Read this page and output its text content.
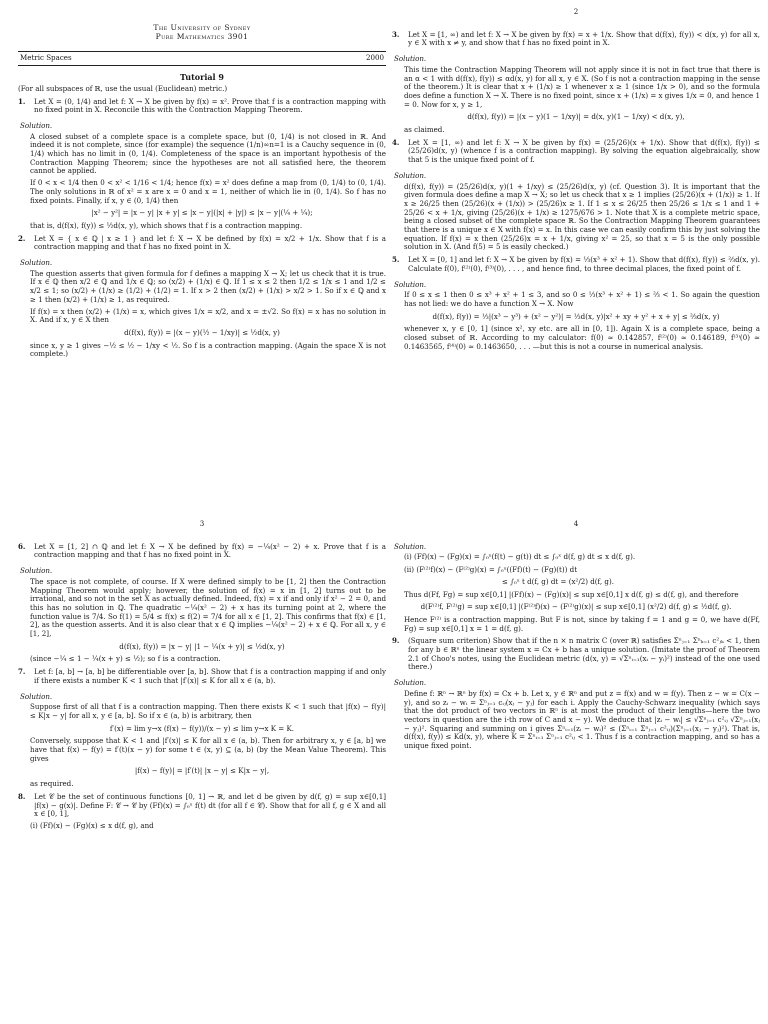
The University of Sydney
Pure Mathematics 3901
Metric Spaces	2000
Tutorial 9
(For all subspaces of ℝ, use the usual (Euclidean) metric.)
1.	Let X = (0, 1/4) and let f: X → X be given by f(x) = x². Prove that f is a contraction mapping with no fixed point in X. Reconcile this with the Contraction Mapping Theorem.
Solution.
A closed subset of a complete space is a complete space, but (0, 1/4) is not closed in ℝ. And indeed it is not complete, since (for example) the sequence (1/n)∞n=1 is a Cauchy sequence in (0, 1/4) which has no limit in (0, 1/4). Completeness of the space is an important hypothesis of the Contraction Mapping Theorem; since the hypotheses are not all satisfied here, the theorem cannot be applied.
If 0 < x < 1/4 then 0 < x² < 1/16 < 1/4; hence f(x) = x² does define a map from (0, 1/4) to (0, 1/4). The only solutions in ℝ of x² = x are x = 0 and x = 1, neither of which lie in (0, 1/4). So f has no fixed points. Finally, if x, y ∈ (0, 1/4) then
|x² − y²| = |x − y| |x + y| ≤ |x − y|(|x| + |y|) ≤ |x − y|(¼ + ¼);
that is, d(f(x), f(y)) ≤ ½d(x, y), which shows that f is a contraction mapping.
2.	Let X = { x ∈ ℚ | x ≥ 1 } and let f: X → X be defined by f(x) = x/2 + 1/x. Show that f is a contraction mapping and that f has no fixed point in X.
Solution.
The question asserts that given formula for f defines a mapping X → X; let us check that it is true. If x ∈ ℚ then x/2 ∈ ℚ and 1/x ∈ ℚ; so (x/2) + (1/x) ∈ ℚ. If 1 ≤ x ≤ 2 then 1/2 ≤ 1/x ≤ 1 and 1/2 ≤ x/2 ≤ 1; so (x/2) + (1/x) ≥ (1/2) + (1/2) = 1. If x > 2 then (x/2) + (1/x) > x/2 > 1. So if x ∈ ℚ and x ≥ 1 then (x/2) + (1/x) ≥ 1, as required.
If f(x) = x then (x/2) + (1/x) = x, which gives 1/x = x/2, and x = ±√2. So f(x) = x has no solution in X. And if x, y ∈ X then
d(f(x), f(y)) = |(x − y)(½ − 1/xy)| ≤ ½d(x, y)
since x, y ≥ 1 gives −½ ≤ ½ − 1/xy < ½. So f is a contraction mapping. (Again the space X is not complete.)
2
3.	Let X = [1, ∞) and let f: X → X be given by f(x) = x + 1/x. Show that d(f(x), f(y)) < d(x, y) for all x, y ∈ X with x ≠ y, and show that f has no fixed point in X.
Solution.
This time the Contraction Mapping Theorem will not apply since it is not in fact true that there is an α < 1 with d(f(x), f(y)) ≤ αd(x, y) for all x, y ∈ X. (So f is not a contraction mapping in the sense of the theorem.) It is clear that x + (1/x) ≥ 1 whenever x ≥ 1 (since 1/x > 0), and so the formula does define a function X → X. There is no fixed point, since x + (1/x) = x gives 1/x = 0, and hence 1 = 0. Now for x, y ≥ 1,
d(f(x), f(y)) = |(x − y)(1 − 1/xy)| = d(x, y)(1 − 1/xy) < d(x, y),
as claimed.
4.	Let X = [1, ∞) and let f: X → X be given by f(x) = (25/26)(x + 1/x). Show that d(f(x), f(y)) ≤ (25/26)d(x, y) (whence f is a contraction mapping). By solving the equation algebraically, show that 5 is the unique fixed point of f.
Solution.
d(f(x), f(y)) = (25/26)d(x, y)(1 + 1/xy) ≤ (25/26)d(x, y) (cf. Question 3). It is important that the given formula does define a map X → X; so let us check that x ≥ 1 implies (25/26)(x + (1/x)) ≥ 1. If x ≥ 26/25 then (25/26)(x + (1/x)) > (25/26)x ≥ 1. If 1 ≤ x ≤ 26/25 then 25/26 ≤ 1/x ≤ 1 and 1 + 25/26 < x + 1/x, giving (25/26)(x + 1/x) ≥ 1275/676 > 1. Note that X is a complete metric space, being a closed subset of the complete space ℝ. So the Contraction Mapping Theorem guarantees that there is a unique x ∈ X with f(x) = x. In this case we can easily confirm this by just solving the equation. If f(x) = x then (25/26)x = x + 1/x, giving x² = 25, so that x = 5 is the only possible solution in X. (And f(5) = 5 is easily checked.)
5.	Let X = [0, 1] and let f: X → X be given by f(x) = ⅓(x³ + x² + 1). Show that d(f(x), f(y)) ≤ ⅔d(x, y). Calculate f(0), f⁽²⁾(0), f⁽³⁾(0), . . . , and hence find, to three decimal places, the fixed point of f.
Solution.
If 0 ≤ x ≤ 1 then 0 ≤ x³ + x² + 1 ≤ 3, and so 0 ≤ ⅓(x³ + x² + 1) ≤ ⅔ < 1. So again the question has not lied: we do have a function X → X. Now
d(f(x), f(y)) = ⅓|(x³ − y³) + (x² − y²)| = ⅓d(x, y)|x² + xy + y² + x + y| ≤ ⅔d(x, y)
whenever x, y ∈ [0, 1] (since x², xy etc. are all in [0, 1]). Again X is a complete space, being a closed subset of ℝ. According to my calculator: f(0) ≈ 0.142857, f⁽²⁾(0) ≈ 0.146189, f⁽³⁾(0) ≈ 0.1463565, f⁽⁴⁾(0) ≈ 0.1463650, . . . —but this is not a course in numerical analysis.
3
6.	Let X = [1, 2] ∩ ℚ and let f: X → X be defined by f(x) = −¼(x² − 2) + x. Prove that f is a contraction mapping and that f has no fixed point in X.
Solution.
The space is not complete, of course. If X were defined simply to be [1, 2] then the Contraction Mapping Theorem would apply; however, the solution of f(x) = x in [1, 2] turns out to be irrational, and so not in the set X as actually defined. Indeed, f(x) = x if and only if x² − 2 = 0, and this has no solution in ℚ. The quadratic −¼(x² − 2) + x has its turning point at 2, where the function value is 7/4. So f(1) = 5/4 ≤ f(x) ≤ f(2) = 7/4 for all x ∈ [1, 2]. This confirms that f(x) ∈ [1, 2], as the question asserts. And it is also clear that x ∈ ℚ implies −¼(x² − 2) + x ∈ ℚ. For all x, y ∈ [1, 2],
d(f(x), f(y)) = |x − y| |1 − ¼(x + y)| ≤ ½d(x, y)
(since −¼ ≤ 1 − ¼(x + y) ≤ ½); so f is a contraction.
7.	Let f: [a, b] → [a, b] be differentiable over [a, b]. Show that f is a contraction mapping if and only if there exists a number K < 1 such that |f′(x)| ≤ K for all x ∈ (a, b).
Solution.
Suppose first of all that f is a contraction mapping. Then there exists K < 1 such that |f(x) − f(y)| ≤ K|x − y| for all x, y ∈ [a, b]. So if x ∈ (a, b) is arbitrary, then
f′(x) = lim y→x (f(x) − f(y))/(x − y) ≤ lim y→x K = K.
Conversely, suppose that K < 1 and |f′(x)| ≤ K for all x ∈ (a, b). Then for arbitrary x, y ∈ [a, b] we have that f(x) − f(y) = f′(t)(x − y) for some t ∈ (x, y) ⊆ (a, b) (by the Mean Value Theorem). This gives
|f(x) − f(y)| = |f′(t)| |x − y| ≤ K|x − y|,
as required.
8.	Let 𝒞 be the set of continuous functions [0, 1] → ℝ, and let d be given by d(f, g) = sup x∈[0,1] |f(x) − g(x)|. Define F: 𝒞 → 𝒞 by (Ff)(x) = ∫₀ˣ f(t) dt (for all f ∈ 𝒞). Show that for all f, g ∈ X and all x ∈ [0, 1],
(i) (Ff)(x) − (Fg)(x) ≤ x d(f, g), and
4
Solution.
(i) (Ff)(x) − (Fg)(x) = ∫₀ˣ(f(t) − g(t)) dt ≤ ∫₀ˣ d(f, g) dt ≤ x d(f, g).
(ii) (F⁽²⁾f)(x) − (F⁽²⁾g)(x) = ∫₀ˣ((Ff)(t) − (Fg)(t)) dt
≤ ∫₀ˣ t d(f, g) dt = (x²/2) d(f, g).
Thus d(Ff, Fg) = sup x∈[0,1] |(Ff)(x) − (Fg)(x)| ≤ sup x∈[0,1] x d(f, g) ≤ d(f, g), and therefore
d(F⁽²⁾f, F⁽²⁾g) = sup x∈[0,1] |(F⁽²⁾f)(x) − (F⁽²⁾g)(x)| ≤ sup x∈[0,1] (x²/2) d(f, g) ≤ ½d(f, g).
Hence F⁽²⁾ is a contraction mapping. But F is not, since by taking f = 1 and g = 0, we have d(Ff, Fg) = sup x∈[0,1] x = 1 = d(f, g).
9.	(Square sum criterion) Show that if the n × n matrix C (over ℝ) satisfies Σⁿⱼ₌₁ Σⁿₖ₌₁ c²ⱼₖ < 1, then for any b ∈ ℝⁿ the linear system x = Cx + b has a unique solution. (Imitate the proof of Theorem 2.1 of Choo's notes, using the Euclidean metric (d(x, y) = √Σⁿᵢ₌₁(xᵢ − yᵢ)²) instead of the one used there.)
Solution.
Define f: ℝⁿ → ℝⁿ by f(x) = Cx + b. Let x, y ∈ ℝⁿ and put z = f(x) and w = f(y). Then z − w = C(x − y), and so zᵢ − wᵢ = Σⁿⱼ₌₁ cᵢⱼ(xⱼ − yⱼ) for each i. Apply the Cauchy-Schwarz inequality (which says that the dot product of two vectors in ℝⁿ is at most the product of their lengths—here the two vectors in question are the i-th row of C and x − y). We deduce that |zᵢ − wᵢ| ≤ √Σⁿⱼ₌₁ c²ᵢⱼ √Σⁿⱼ₌₁(xⱼ − yⱼ)². Squaring and summing on i gives Σⁿᵢ₌₁(zᵢ − wᵢ)² ≤ (Σⁿᵢ₌₁ Σⁿⱼ₌₁ c²ᵢⱼ)(Σⁿⱼ₌₁(xⱼ − yⱼ)²). That is, d(f(x), f(y)) ≤ Kd(x, y), where K = Σⁿᵢ₌₁ Σⁿⱼ₌₁ c²ᵢⱼ < 1. Thus f is a contraction mapping, and so has a unique fixed point.
